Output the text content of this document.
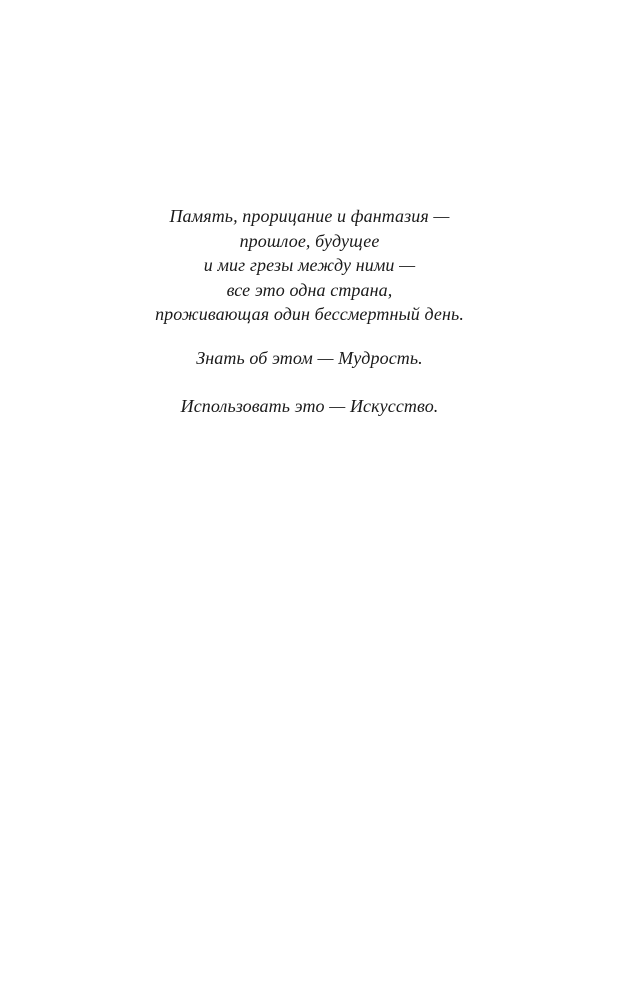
Память, прорицание и фантазия —
прошлое, будущее
и миг грезы между ними —
все это одна страна,
проживающая один бессмертный день.
Знать об этом — Мудрость.
Использовать это — Искусство.
